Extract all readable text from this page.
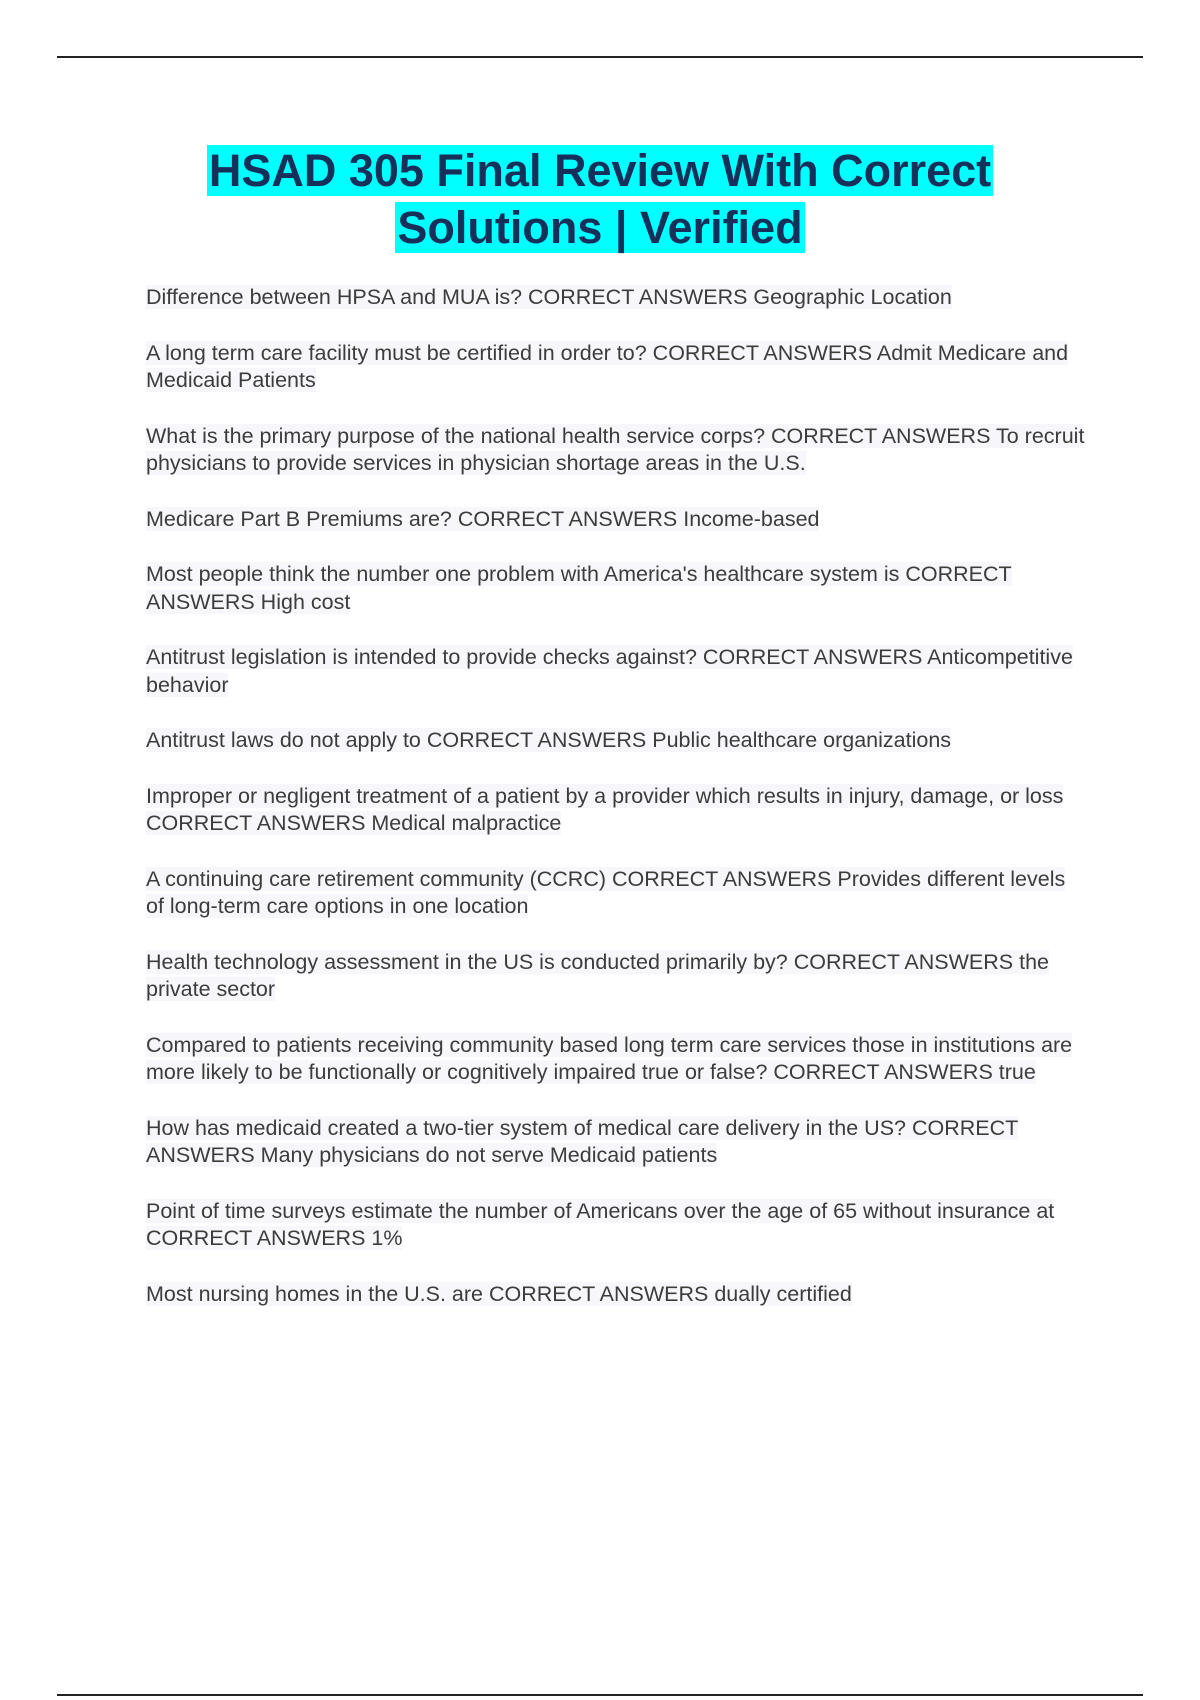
HSAD 305 Final Review With Correct
Solutions | Verified
Difference between HPSA and MUA is? CORRECT ANSWERS Geographic Location
A long term care facility must be certified in order to? CORRECT ANSWERS Admit Medicare and Medicaid Patients
What is the primary purpose of the national health service corps? CORRECT ANSWERS To recruit physicians to provide services in physician shortage areas in the U.S.
Medicare Part B Premiums are? CORRECT ANSWERS Income-based
Most people think the number one problem with America's healthcare system is CORRECT ANSWERS High cost
Antitrust legislation is intended to provide checks against? CORRECT ANSWERS Anticompetitive behavior
Antitrust laws do not apply to CORRECT ANSWERS Public healthcare organizations
Improper or negligent treatment of a patient by a provider which results in injury, damage, or loss CORRECT ANSWERS Medical malpractice
A continuing care retirement community (CCRC) CORRECT ANSWERS Provides different levels of long-term care options in one location
Health technology assessment in the US is conducted primarily by? CORRECT ANSWERS the private sector
Compared to patients receiving community based long term care services those in institutions are more likely to be functionally or cognitively impaired true or false? CORRECT ANSWERS true
How has medicaid created a two-tier system of medical care delivery in the US? CORRECT ANSWERS Many physicians do not serve Medicaid patients
Point of time surveys estimate the number of Americans over the age of 65 without insurance at CORRECT ANSWERS 1%
Most nursing homes in the U.S. are CORRECT ANSWERS dually certified
